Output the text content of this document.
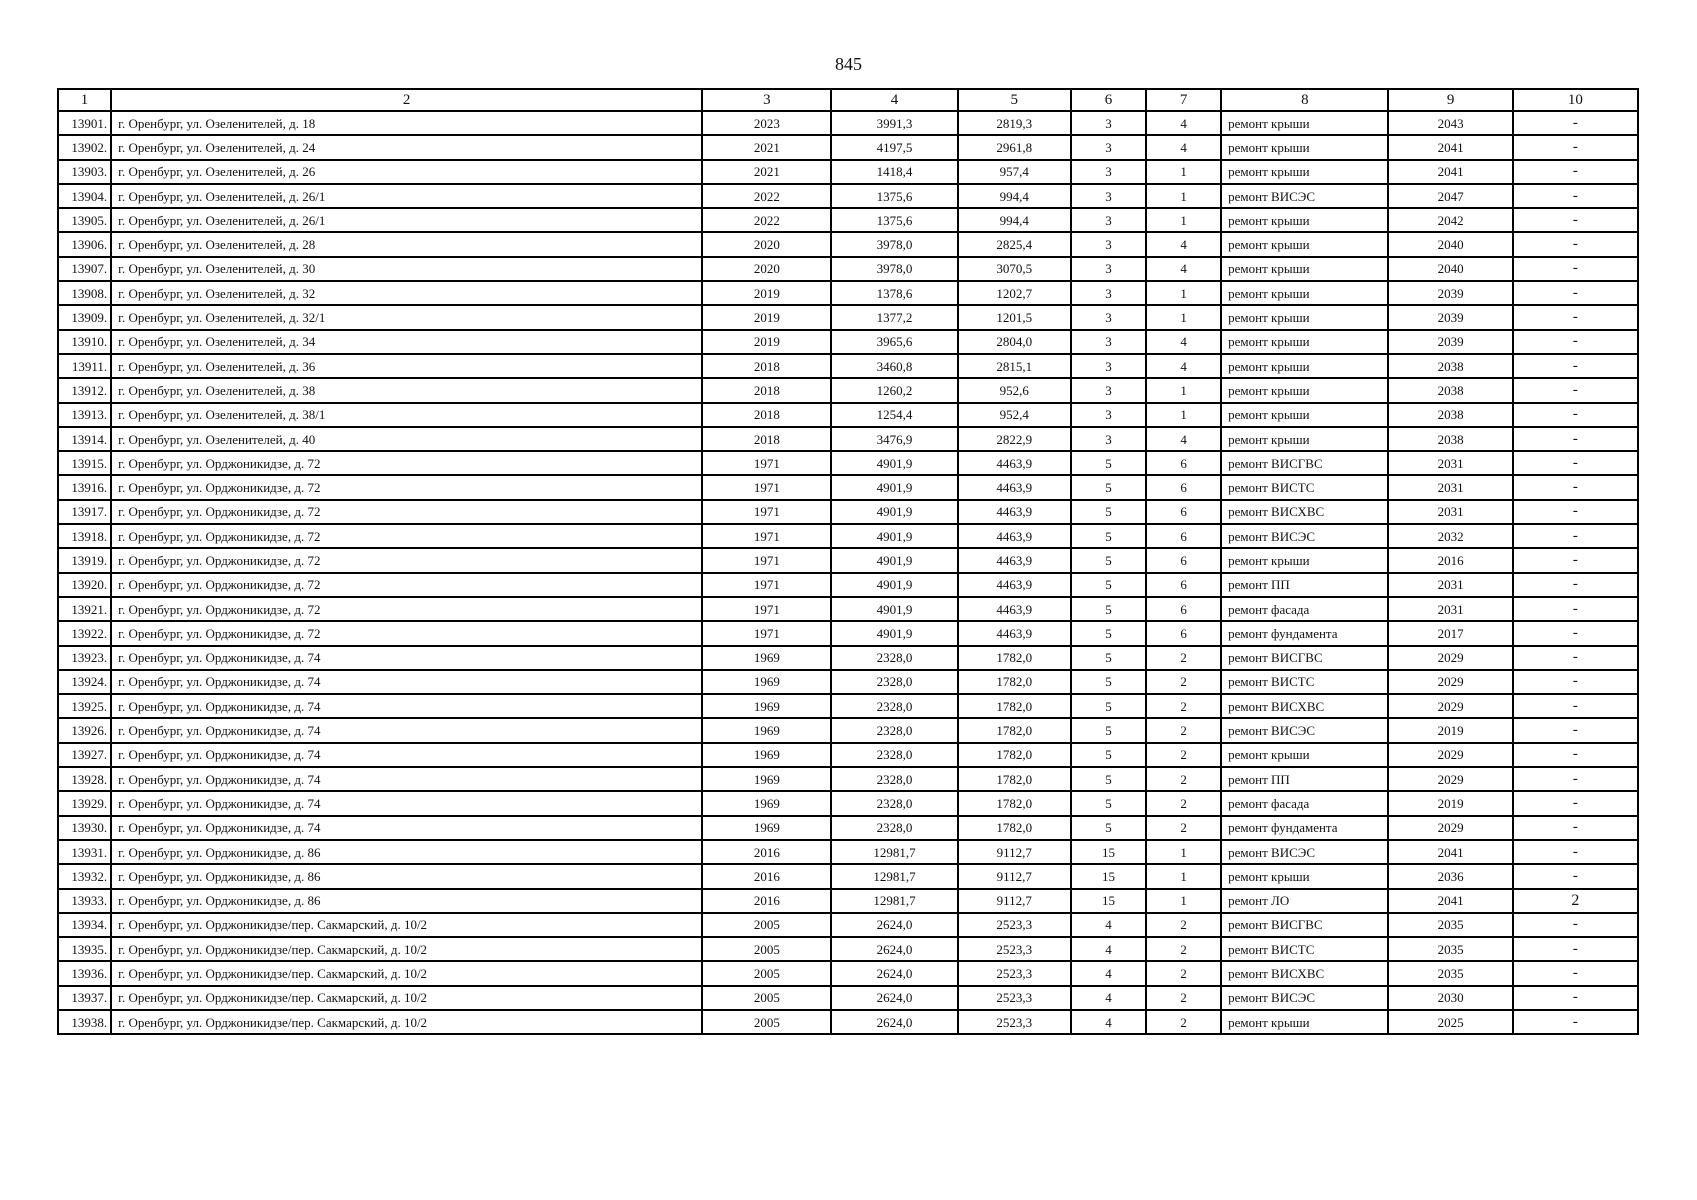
845
1	2	3	4	5	6	7	8	9	10
13901.	г. Оренбург, ул. Озеленителей, д. 18	2023	3991,3	2819,3	3	4	ремонт крыши	2043	-
13902.	г. Оренбург, ул. Озеленителей, д. 24	2021	4197,5	2961,8	3	4	ремонт крыши	2041	-
13903.	г. Оренбург, ул. Озеленителей, д. 26	2021	1418,4	957,4	3	1	ремонт крыши	2041	-
13904.	г. Оренбург, ул. Озеленителей, д. 26/1	2022	1375,6	994,4	3	1	ремонт ВИСЭС	2047	-
13905.	г. Оренбург, ул. Озеленителей, д. 26/1	2022	1375,6	994,4	3	1	ремонт крыши	2042	-
13906.	г. Оренбург, ул. Озеленителей, д. 28	2020	3978,0	2825,4	3	4	ремонт крыши	2040	-
13907.	г. Оренбург, ул. Озеленителей, д. 30	2020	3978,0	3070,5	3	4	ремонт крыши	2040	-
13908.	г. Оренбург, ул. Озеленителей, д. 32	2019	1378,6	1202,7	3	1	ремонт крыши	2039	-
13909.	г. Оренбург, ул. Озеленителей, д. 32/1	2019	1377,2	1201,5	3	1	ремонт крыши	2039	-
13910.	г. Оренбург, ул. Озеленителей, д. 34	2019	3965,6	2804,0	3	4	ремонт крыши	2039	-
13911.	г. Оренбург, ул. Озеленителей, д. 36	2018	3460,8	2815,1	3	4	ремонт крыши	2038	-
13912.	г. Оренбург, ул. Озеленителей, д. 38	2018	1260,2	952,6	3	1	ремонт крыши	2038	-
13913.	г. Оренбург, ул. Озеленителей, д. 38/1	2018	1254,4	952,4	3	1	ремонт крыши	2038	-
13914.	г. Оренбург, ул. Озеленителей, д. 40	2018	3476,9	2822,9	3	4	ремонт крыши	2038	-
13915.	г. Оренбург, ул. Орджоникидзе, д. 72	1971	4901,9	4463,9	5	6	ремонт ВИСГВС	2031	-
13916.	г. Оренбург, ул. Орджоникидзе, д. 72	1971	4901,9	4463,9	5	6	ремонт ВИСТС	2031	-
13917.	г. Оренбург, ул. Орджоникидзе, д. 72	1971	4901,9	4463,9	5	6	ремонт ВИСХВС	2031	-
13918.	г. Оренбург, ул. Орджоникидзе, д. 72	1971	4901,9	4463,9	5	6	ремонт ВИСЭС	2032	-
13919.	г. Оренбург, ул. Орджоникидзе, д. 72	1971	4901,9	4463,9	5	6	ремонт крыши	2016	-
13920.	г. Оренбург, ул. Орджоникидзе, д. 72	1971	4901,9	4463,9	5	6	ремонт ПП	2031	-
13921.	г. Оренбург, ул. Орджоникидзе, д. 72	1971	4901,9	4463,9	5	6	ремонт фасада	2031	-
13922.	г. Оренбург, ул. Орджоникидзе, д. 72	1971	4901,9	4463,9	5	6	ремонт фундамента	2017	-
13923.	г. Оренбург, ул. Орджоникидзе, д. 74	1969	2328,0	1782,0	5	2	ремонт ВИСГВС	2029	-
13924.	г. Оренбург, ул. Орджоникидзе, д. 74	1969	2328,0	1782,0	5	2	ремонт ВИСТС	2029	-
13925.	г. Оренбург, ул. Орджоникидзе, д. 74	1969	2328,0	1782,0	5	2	ремонт ВИСХВС	2029	-
13926.	г. Оренбург, ул. Орджоникидзе, д. 74	1969	2328,0	1782,0	5	2	ремонт ВИСЭС	2019	-
13927.	г. Оренбург, ул. Орджоникидзе, д. 74	1969	2328,0	1782,0	5	2	ремонт крыши	2029	-
13928.	г. Оренбург, ул. Орджоникидзе, д. 74	1969	2328,0	1782,0	5	2	ремонт ПП	2029	-
13929.	г. Оренбург, ул. Орджоникидзе, д. 74	1969	2328,0	1782,0	5	2	ремонт фасада	2019	-
13930.	г. Оренбург, ул. Орджоникидзе, д. 74	1969	2328,0	1782,0	5	2	ремонт фундамента	2029	-
13931.	г. Оренбург, ул. Орджоникидзе, д. 86	2016	12981,7	9112,7	15	1	ремонт ВИСЭС	2041	-
13932.	г. Оренбург, ул. Орджоникидзе, д. 86	2016	12981,7	9112,7	15	1	ремонт крыши	2036	-
13933.	г. Оренбург, ул. Орджоникидзе, д. 86	2016	12981,7	9112,7	15	1	ремонт ЛО	2041	2
13934.	г. Оренбург, ул. Орджоникидзе/пер. Сакмарский, д. 10/2	2005	2624,0	2523,3	4	2	ремонт ВИСГВС	2035	-
13935.	г. Оренбург, ул. Орджоникидзе/пер. Сакмарский, д. 10/2	2005	2624,0	2523,3	4	2	ремонт ВИСТС	2035	-
13936.	г. Оренбург, ул. Орджоникидзе/пер. Сакмарский, д. 10/2	2005	2624,0	2523,3	4	2	ремонт ВИСХВС	2035	-
13937.	г. Оренбург, ул. Орджоникидзе/пер. Сакмарский, д. 10/2	2005	2624,0	2523,3	4	2	ремонт ВИСЭС	2030	-
13938.	г. Оренбург, ул. Орджоникидзе/пер. Сакмарский, д. 10/2	2005	2624,0	2523,3	4	2	ремонт крыши	2025	-
